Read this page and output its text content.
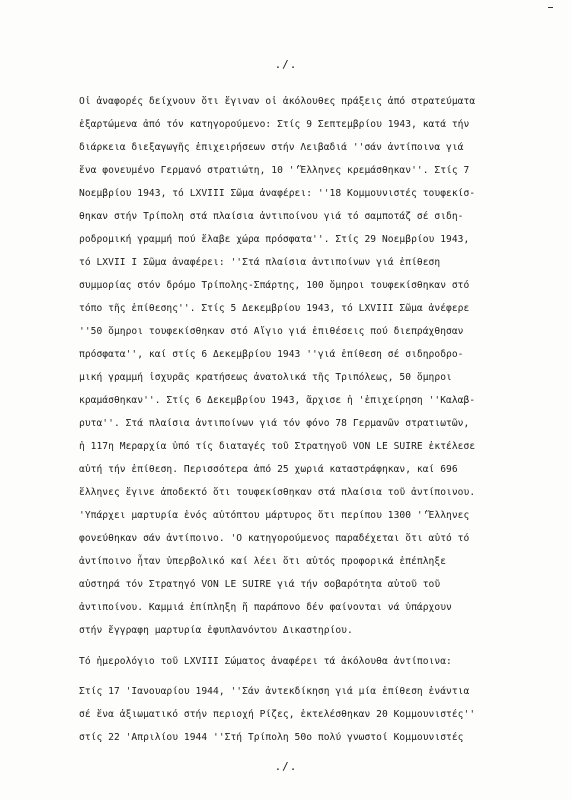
./.
Οἱ ἀναφορές δείχνουν ὅτι ἔγιναν οἱ ἀκόλουθες πράξεις ἀπό στρατεύματα
ἐξαρτώμενα ἀπό τόν κατηγορούμενο: Στίς 9 Σεπτεμβρίου 1943, κατά τήν
διάρκεια διεξαγωγῆς ἐπιχειρήσεων στήν Λειβαδιά ''σάν ἀντίποινα γιά
ἕνα φονευμένο Γερμανό στρατιώτη, 10 ''Ἕλληνες κρεμάσθηκαν''. Στίς 7
Νοεμβρίου 1943, τό LXVIII Σῶμα ἀναφέρει: ''18 Κομμουνιστές τουφεκίσ-
θηκαν στήν Τρίπολη στά πλαίσια ἀντιποίνου γιά τό σαμποτάζ σέ σιδη-
ροδρομική γραμμή πού ἔλαβε χώρα πρόσφατα''. Στίς 29 Νοεμβρίου 1943,
τό LXVII I Σῶμα ἀναφέρει: ''Στά πλαίσια ἀντιποίνων γιά ἐπίθεση
συμμορίας στόν δρόμο Τρίπολης-Σπάρτης, 100 ὅμηροι τουφεκίσθηκαν στό
τόπο τῆς ἐπίθεσης''. Στίς 5 Δεκεμβρίου 1943, τό LXVIII Σῶμα ἀνέφερε
''50 ὅμηροι τουφεκίσθηκαν στό Αἴγιο γιά ἐπιθέσεις πού διεπράχθησαν
πρόσφατα'', καί στίς 6 Δεκεμβρίου 1943 ''γιά ἐπίθεση σέ σιδηροδρο-
μική γραμμή ἰσχυρᾶς κρατήσεως ἀνατολικά τῆς Τριπόλεως, 50 ὅμηροι
κραμάσθηκαν''. Στίς 6 Δεκεμβρίου 1943, ἄρχισε ἡ 'ἐπιχείρηση ''Καλαβ-
ρυτα''. Στά πλαίσια ἀντιποίνων γιά τόν φόνο 78 Γερμανῶν στρατιωτῶν,
ἡ 117η Μεραρχία ὑπό τίς διαταγές τοῦ Στρατηγοῦ VON LE SUIRE ἐκτέλεσε
αὐτή τήν ἐπίθεση. Περισσότερα ἀπό 25 χωριά καταστράφηκαν, καί 696
ἕλληνες ἔγινε ἀποδεκτό ὅτι τουφεκίσθηκαν στά πλαίσια τοῦ ἀντίποινου.
'Υπάρχει μαρτυρία ἑνός αὐτόπτου μάρτυρος ὅτι περίπου 1300 ''Ἕλληνες
φονεύθηκαν σάν ἀντίποινο. 'Ο κατηγορούμενος παραδέχεται ὅτι αὐτό τό
ἀντίποινο ἦταν ὑπερβολικό καί λέει ὅτι αὐτός προφορικά ἐπέπληξε
αὐστηρά τόν Στρατηγό VON LE SUIRE γιά τήν σοβαρότητα αὐτοῦ τοῦ
ἀντιποίνου. Καμμιά ἐπίπληξη ἤ παράπονο δέν φαίνονται νά ὑπάρχουν
στήν ἔγγραφη μαρτυρία ἐφυπλανόντου Δικαστηρίου.
Τό ἡμερολόγιο τοῦ LXVIII Σώματος ἀναφέρει τά ἀκόλουθα ἀντίποινα:
Στίς 17 'Ιανουαρίου 1944, ''Σάν ἀντεκδίκηση γιά μία ἐπίθεση ἐνάντια
σέ ἕνα ἀξιωματικό στήν περιοχή Ρίζες, ἐκτελέσθηκαν 20 Κομμουνιστές''
στίς 22 'Απριλίου 1944 ''Στή Τρίπολη 5Θο πολύ γνωστοί Κομμουνιστές
./.
